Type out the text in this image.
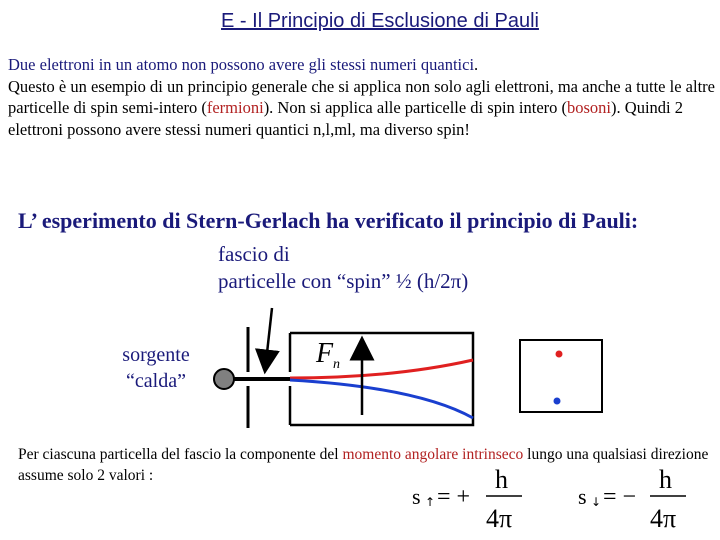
E - Il Principio di Esclusione di Pauli
Due elettroni in un atomo non possono avere gli stessi numeri quantici.
Questo è un esempio di un principio generale che si applica non solo agli elettroni, ma anche a tutte le altre particelle di spin semi-intero (fermioni). Non si applica alle particelle di spin intero (bosoni). Quindi 2 elettroni possono avere stessi numeri quantici n,l,ml, ma diverso spin!
L’ esperimento di Stern-Gerlach ha verificato il principio di Pauli:
fascio di
particelle con “spin” ½ (h/2π)
sorgente
“calda”
F n
s ↑ = +
h
4π
s ↓ = −
h
4π
Per ciascuna particella del fascio la componente del momento angolare intrinseco lungo una qualsiasi direzione assume solo 2 valori :
